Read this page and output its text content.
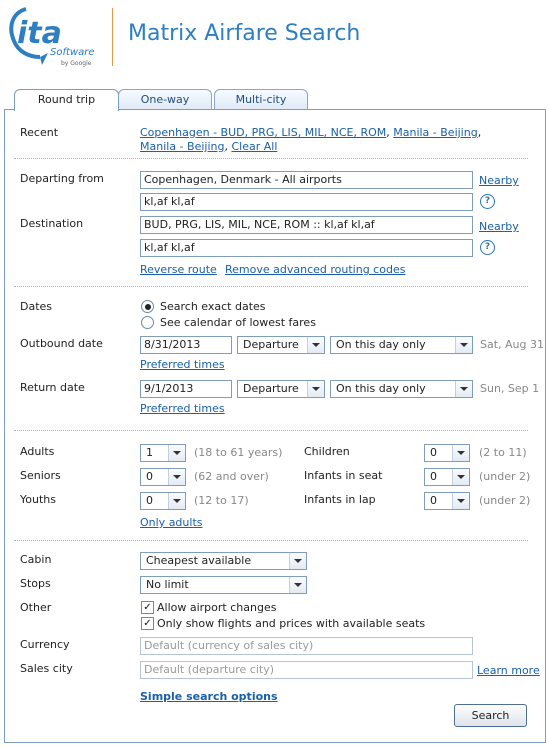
ita
Software
by Google
Matrix Airfare Search
Round trip	One-way	Multi-city
Recent	Copenhagen - BUD, PRG, LIS, MIL, NCE, ROM, Manila - Beijing,
Manila - Beijing, Clear All
Departing from	Copenhagen, Denmark - All airports	Nearby
kl,af kl,af	?
Destination	BUD, PRG, LIS, MIL, NCE, ROM :: kl,af kl,af	Nearby
kl,af kl,af	?
Reverse route Remove advanced routing codes
Dates	Search exact dates
See calendar of lowest fares
Outbound date	8/31/2013	Departure	On this day only	Sat, Aug 31
Preferred times
Return date	9/1/2013	Departure	On this day only	Sun, Sep 1
Preferred times
Adults	1	(18 to 61 years) Children	0	(2 to 11)
Seniors	0	(62 and over)	Infants in seat	0	(under 2)
Youths	0	(12 to 17)	Infants in lap	0	(under 2)
Only adults
Cabin	Cheapest available
Stops	No limit
Other	✓ Allow airport changes
✓ Only show flights and prices with available seats
Currency	Default (currency of sales city)
Sales city	Default (departure city)	Learn more
Simple search options
Search
